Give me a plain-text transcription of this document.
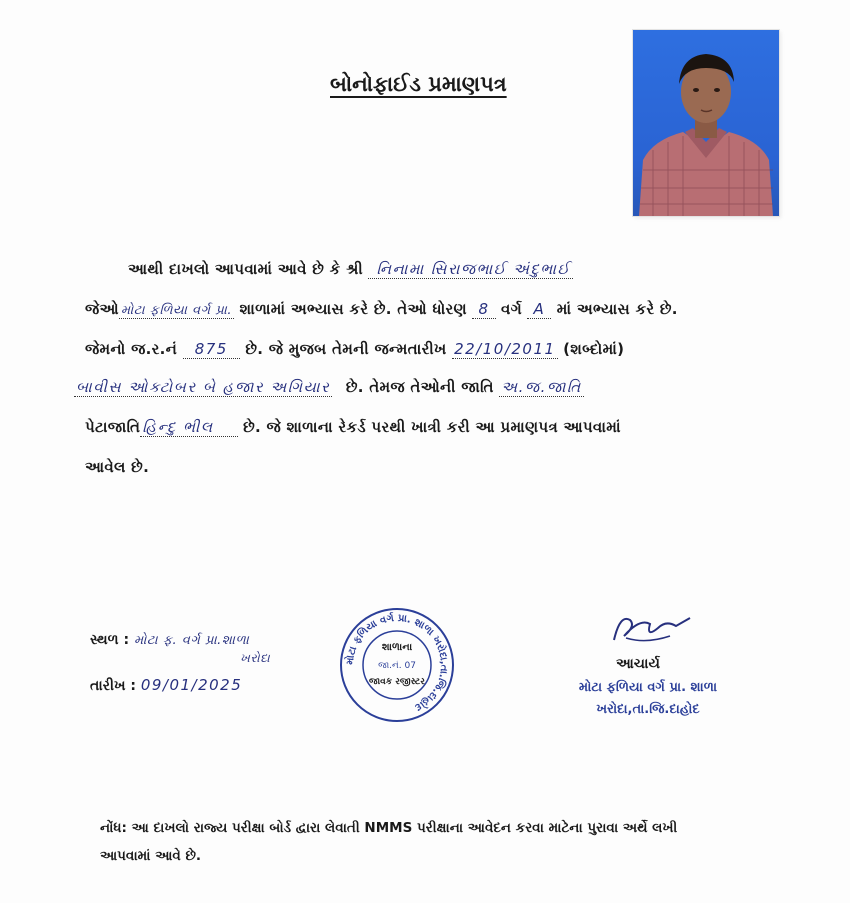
બોનોફાઈડ પ્રમાણપત્ર
આથી દાખલો આપવામાં આવે છે કે શ્રી નિનામા સિરાજભાઈ અંદુભાઈ
જેઓ મોટા ફળિયા વર્ગ પ્રા. શાળામાં અભ્યાસ કરે છે. તેઓ ધોરણ 8 વર્ગ A માં અભ્યાસ કરે છે.
જેમનો જ.ર.નં 875 છે. જે મુજબ તેમની જન્મતારીખ 22/10/2011 (શબ્દોમાં)
બાવીસ ઓક્ટોબર બે હજાર અગિયાર છે. તેમજ તેઓની જાતિ અ.જ.જાતિ
પેટાજાતિ હિન્દુ ભીલ છે. જે શાળાના રેકર્ડ પરથી ખાત્રી કરી આ પ્રમાણપત્ર આપવામાં
આવેલ છે.
સ્થળ : મોટા ફ. વર્ગ પ્રા.શાળા
ખરોદા
તારીખ : 09/01/2025
મોટા ફળિયા વર્ગ પ્રા. શાળા ખરોદા,તા.જિ.દાહોદ
શાળાના
જા.નં. 07
જાવક રજીસ્ટર
આચાર્ય
મોટા ફળિયા વર્ગ પ્રા. શાળા
ખરોદા,તા.જિ.દાહોદ
નોંધ: આ દાખલો રાજ્ય પરીક્ષા બોર્ડ દ્વારા લેવાતી NMMS પરીક્ષાના આવેદન કરવા માટેના પુરાવા અર્થે લખી
આપવામાં આવે છે.
